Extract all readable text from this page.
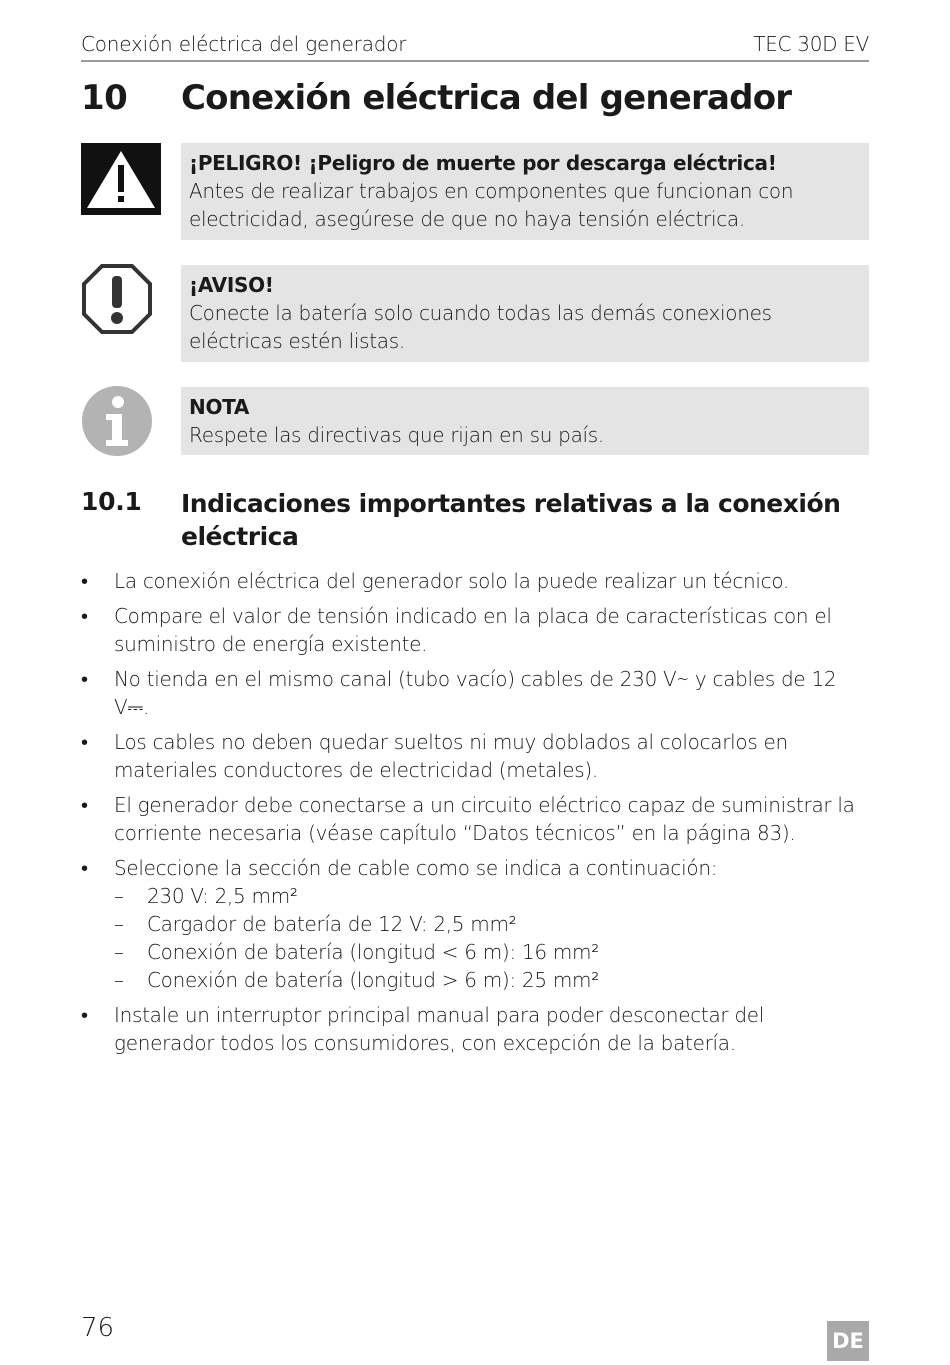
Conexión eléctrica del generador	TEC 30D EV
10 Conexión eléctrica del generador
¡PELIGRO! ¡Peligro de muerte por descarga eléctrica!
Antes de realizar trabajos en componentes que funcionan con electricidad, asegúrese de que no haya tensión eléctrica.
¡AVISO!
Conecte la batería solo cuando todas las demás conexiones eléctricas estén listas.
NOTA
Respete las directivas que rijan en su país.
10.1 Indicaciones importantes relativas a la conexión eléctrica
• La conexión eléctrica del generador solo la puede realizar un técnico.
• Compare el valor de tensión indicado en la placa de características con el suministro de energía existente.
• No tienda en el mismo canal (tubo vacío) cables de 230 V∼ y cables de 12 V⎓.
• Los cables no deben quedar sueltos ni muy doblados al colocarlos en materiales conductores de electricidad (metales).
• El generador debe conectarse a un circuito eléctrico capaz de suministrar la corriente necesaria (véase capítulo “Datos técnicos” en la página 83).
• Seleccione la sección de cable como se indica a continuación:
– 230 V: 2,5 mm²
– Cargador de batería de 12 V: 2,5 mm²
– Conexión de batería (longitud < 6 m): 16 mm²
– Conexión de batería (longitud > 6 m): 25 mm²
• Instale un interruptor principal manual para poder desconectar del generador todos los consumidores, con excepción de la batería.
76	DE
